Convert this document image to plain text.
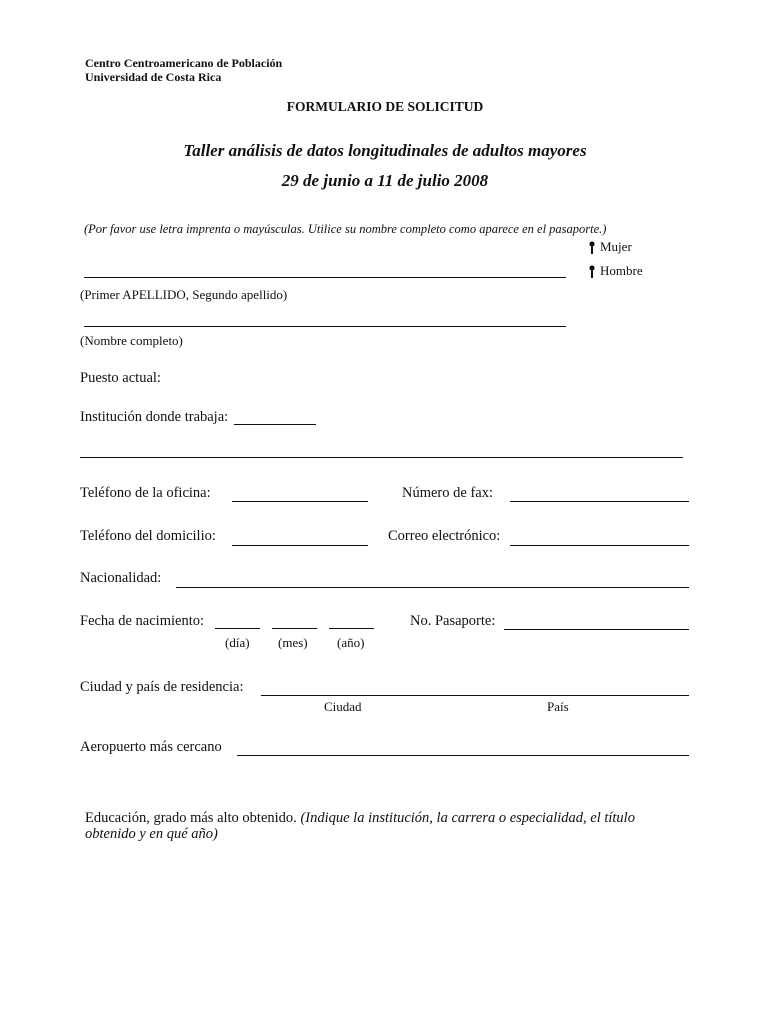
Centro Centroamericano de Población
Universidad de Costa Rica
FORMULARIO DE SOLICITUD
Taller análisis de datos longitudinales de adultos mayores
29 de junio a 11 de julio 2008
(Por favor use letra imprenta o mayúsculas. Utilice su nombre completo como aparece en el pasaporte.)
Mujer
Hombre
(Primer APELLIDO, Segundo apellido)
(Nombre completo)
Puesto actual:
Institución donde trabaja:
Teléfono de la oficina:	Número de fax:
Teléfono del domicilio:	Correo electrónico:
Nacionalidad:
Fecha de nacimiento:
(día) (mes) (año)
No. Pasaporte:
Ciudad y país de residencia:
Ciudad	País
Aeropuerto más cercano
Educación, grado más alto obtenido. (Indique la institución, la carrera o especialidad, el título
obtenido y en qué año)
